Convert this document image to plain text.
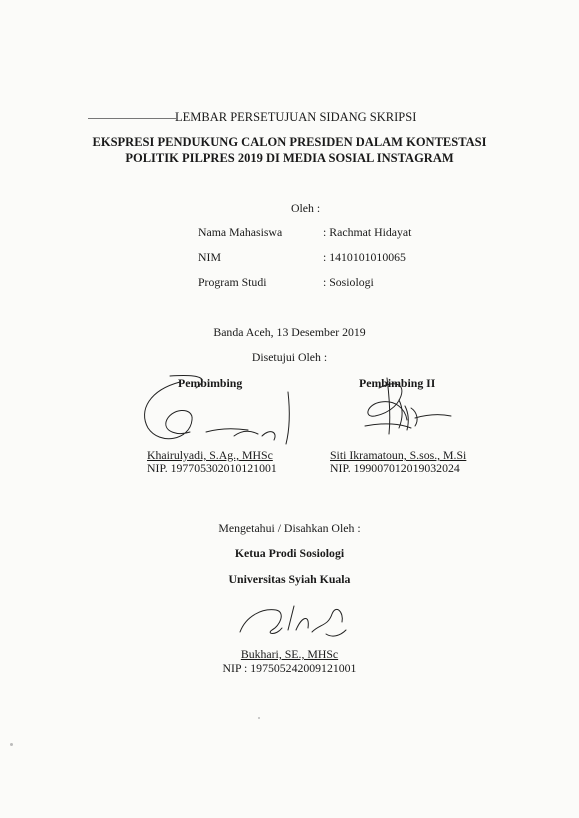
LEMBAR PERSETUJUAN SIDANG SKRIPSI
EKSPRESI PENDUKUNG CALON PRESIDEN DALAM KONTESTASI
POLITIK PILPRES 2019 DI MEDIA SOSIAL INSTAGRAM
Oleh :
Nama Mahasiswa	: Rachmat Hidayat
NIM	: 1410101010065
Program Studi	: Sosiologi
Banda Aceh, 13 Desember 2019
Disetujui Oleh :
Pembimbing
Khairulyadi, S.Ag., MHSc
NIP. 197705302010121001
Pembimbing II
Siti Ikramatoun, S.sos., M.Si
NIP. 199007012019032024
Mengetahui / Disahkan Oleh :
Ketua Prodi Sosiologi
Universitas Syiah Kuala
Bukhari, SE., MHSc
NIP : 197505242009121001
